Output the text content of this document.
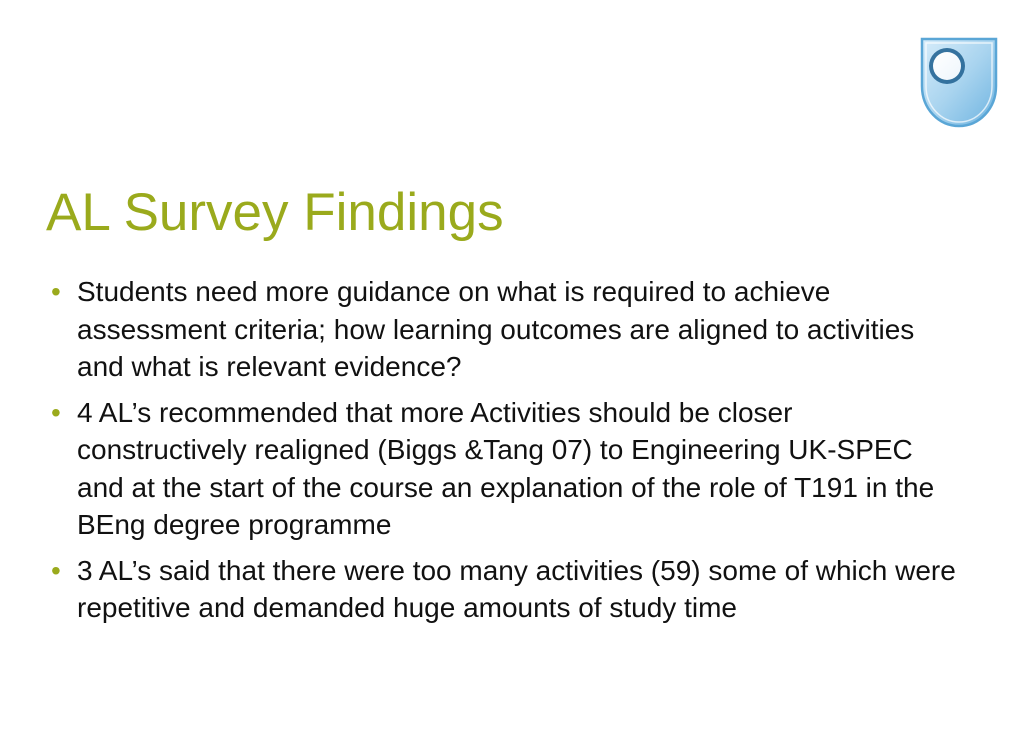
AL Survey Findings
• Students need more guidance on what is required to achieve assessment criteria; how learning outcomes are aligned to activities and what is relevant evidence?
• 4 AL’s recommended that more Activities should be closer constructively realigned (Biggs &Tang 07) to Engineering UK-SPEC and at the start of the course an explanation of the role of T191 in the BEng degree programme
• 3 AL’s said that there were too many activities (59) some of which were repetitive and demanded huge amounts of study time
